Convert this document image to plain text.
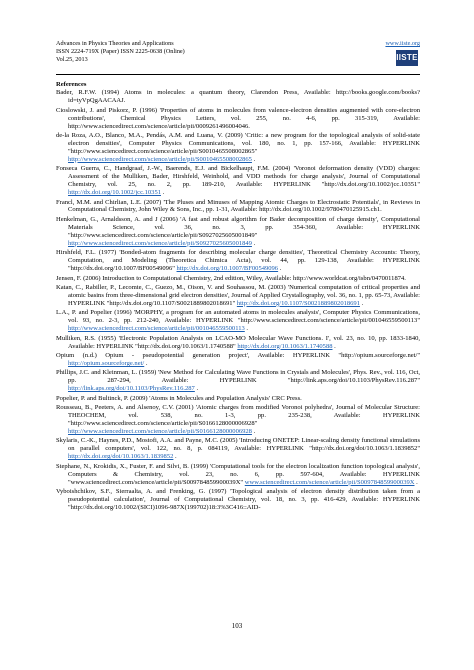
Advances in Physics Theories and Applications
ISSN 2224-719X (Paper) ISSN 2225-0638 (Online)
Vol.25, 2013
www.iiste.org
IISTE
References
Bader, R.F.W. (1994) Atoms in molecules: a quantum theory, Clarendon Press, Available: http://books.google.com/books?id=tyVpQgAACAAJ.
Cioslowski, J. and Piskorz, P. (1996) 'Properties of atoms in molecules from valence-electron densities augmented with core-electron contributions', Chemical Physics Letters, vol. 255, no. 4-6, pp. 315-319, Available: http://www.sciencedirect.com/science/article/pii/0009261496004046.
de-la Roza, A.O., Blanco, M.A., Pendás, A.M. and Luana, V. (2009) 'Critic: a new program for the topological analysis of solid-state electron densities', Computer Physics Communications, vol. 180, no. 1, pp. 157-166, Available: HYPERLINK "http://www.sciencedirect.com/science/article/pii/S0010465508002865" http://www.sciencedirect.com/science/article/pii/S0010465508002865 .
Fonseca Guerra, C., Handgraaf, J.-W., Baerends, E.J. and Bickelhaupt, F.M. (2004) 'Voronoi deformation density (VDD) charges: Assessment of the Mulliken, Bader, Hirshfeld, Weinhold, and VDD methods for charge analysis', Journal of Computational Chemistry, vol. 25, no. 2, pp. 189-210, Available: HYPERLINK "http://dx.doi.org/10.1002/jcc.10351" http://dx.doi.org/10.1002/jcc.10351 .
Francl, M.M. and Chirlian, L.E. (2007) 'The Pluses and Minuses of Mapping Atomic Charges to Electrostatic Potentials', in Reviews in Computational Chemistry, John Wiley & Sons, Inc., pp. 1-31, Available: http://dx.doi.org/10.1002/9780470125915.ch1.
Henkelman, G., Arnaldsson, A. and J (2006) 'A fast and robust algorithm for Bader decomposition of charge density', Computational Materials Science, vol. 36, no. 3, pp. 354-360, Available: HYPERLINK "http://www.sciencedirect.com/science/article/pii/S0927025605001849" http://www.sciencedirect.com/science/article/pii/S0927025605001849 .
Hirshfeld, F.L. (1977) 'Bonded-atom fragments for describing molecular charge densities', Theoretical Chemistry Accounts: Theory, Computation, and Modeling (Theoretica Chimica Acta), vol. 44, pp. 129-138, Available: HYPERLINK "http://dx.doi.org/10.1007/BF00549096" http://dx.doi.org/10.1007/BF00549096 .
Jensen, F. (2006) Introduction to Computational Chemistry, 2nd edition, Wiley, Available: http://www.worldcat.org/isbn/0470011874.
Katan, C., Rabiller, P., Lecomte, C., Guezo, M., Oison, V. and Souhassou, M. (2003) 'Numerical computation of critical properties and atomic basins from three-dimensional grid electron densities', Journal of Applied Crystallography, vol. 36, no. 1, pp. 65-73, Available: HYPERLINK "http://dx.doi.org/10.1107/S0021889802018691" http://dx.doi.org/10.1107/S0021889802018691 .
L.A., P. and Popelier (1996) 'MORPHY, a program for an automated atoms in molecules analysis', Computer Physics Communications, vol. 93, no. 2-3, pp. 212-240, Available: HYPERLINK "http://www.sciencedirect.com/science/article/pii/001046559500113" http://www.sciencedirect.com/science/article/pii/001046559500113 .
Mulliken, R.S. (1955) 'Electronic Population Analysis on LCAO-MO Molecular Wave Functions. I', vol. 23, no. 10, pp. 1833-1840, Available: HYPERLINK "http://dx.doi.org/10.1063/1.1740588" http://dx.doi.org/10.1063/1.1740588 .
Opium (n.d.) Opium - pseudopotential generation project', Available: HYPERLINK "http://opium.sourceforge.net/" http://opium.sourceforge.net/ .
Phillips, J.C. and Kleinman, L. (1959) 'New Method for Calculating Wave Functions in Crystals and Molecules', Phys. Rev., vol. 116, Oct, pp. 287-294, Available: HYPERLINK "http://link.aps.org/doi/10.1103/PhysRev.116.287" http://link.aps.org/doi/10.1103/PhysRev.116.287 .
Popelier, P. and Bultinck, P. (2009) 'Atoms in Molecules and Population Analysis' CRC Press.
Rousseau, B., Peeters, A. and Alsenoy, C.V. (2001) 'Atomic charges from modified Voronoi polyhedra', Journal of Molecular Structure: THEOCHEM, vol. 538, no. 1-3, pp. 235-238, Available: HYPERLINK "http://www.sciencedirect.com/science/article/pii/S0166128000006928" http://www.sciencedirect.com/science/article/pii/S0166128000006928 .
Skylaris, C.-K., Haynes, P.D., Mostofi, A.A. and Payne, M.C. (2005) 'Introducing ONETEP: Linear-scaling density functional simulations on parallel computers', vol. 122, no. 8, p. 084119, Available: HYPERLINK "http://dx.doi.org/doi/10.1063/1.1839852" http://dx.doi.org/doi/10.1063/1.1839852 .
Stephane, N., Krokidis, X., Fuster, F. and Silvi, B. (1999) 'Computational tools for the electron localization function topological analysis', Computers & Chemistry, vol. 23, no. 6, pp. 597-604, Available: HYPERLINK "www.sciencedirect.com/science/article/pii/S009784859900039X" www.sciencedirect.com/science/article/pii/S009784859900039X .
Vyboishchikov, S.F., Sierraalta, A. and Frenking, G. (1997) 'Topological analysis of electron density distribution taken from a pseudopotential calculation', Journal of Computational Chemistry, vol. 18, no. 3, pp. 416-429, Available: HYPERLINK "http://dx.doi.org/10.1002/(SICI)1096-987X(199702)18:3%3C416::AID-
103
